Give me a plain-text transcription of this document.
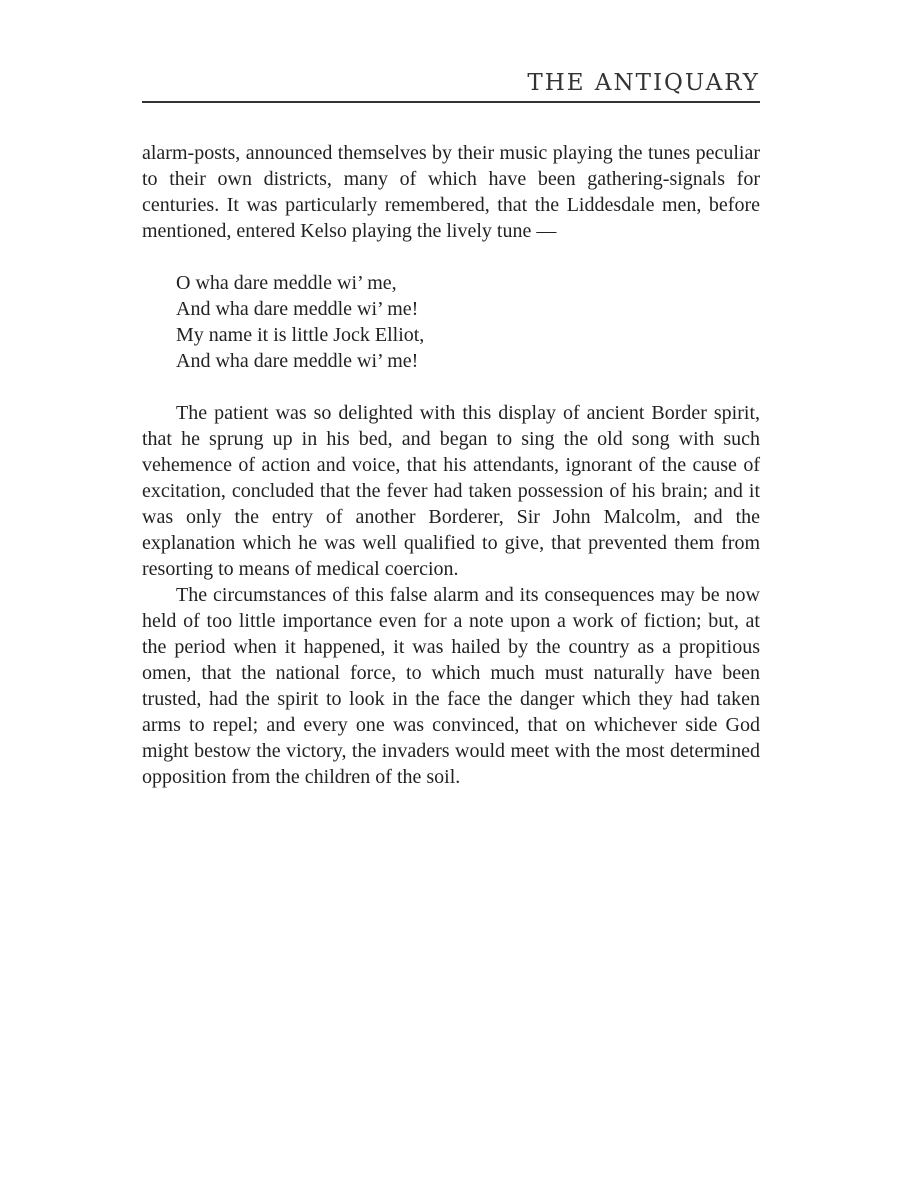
THE ANTIQUARY

alarm-posts, announced themselves by their music playing the tunes peculiar to their own districts, many of which have been gathering-signals for centuries. It was particularly remembered, that the Liddesdale men, before mentioned, entered Kelso playing the lively tune —

O wha dare meddle wi’ me,
And wha dare meddle wi’ me!
My name it is little Jock Elliot,
And wha dare meddle wi’ me!

The patient was so delighted with this display of ancient Border spirit, that he sprung up in his bed, and began to sing the old song with such vehemence of action and voice, that his attendants, ignorant of the cause of excitation, concluded that the fever had taken possession of his brain; and it was only the entry of another Borderer, Sir John Malcolm, and the explanation which he was well qualified to give, that prevented them from resorting to means of medical coercion.

The circumstances of this false alarm and its consequences may be now held of too little importance even for a note upon a work of fiction; but, at the period when it happened, it was hailed by the country as a propitious omen, that the national force, to which much must naturally have been trusted, had the spirit to look in the face the danger which they had taken arms to repel; and every one was convinced, that on whichever side God might bestow the victory, the invaders would meet with the most determined opposition from the children of the soil.
